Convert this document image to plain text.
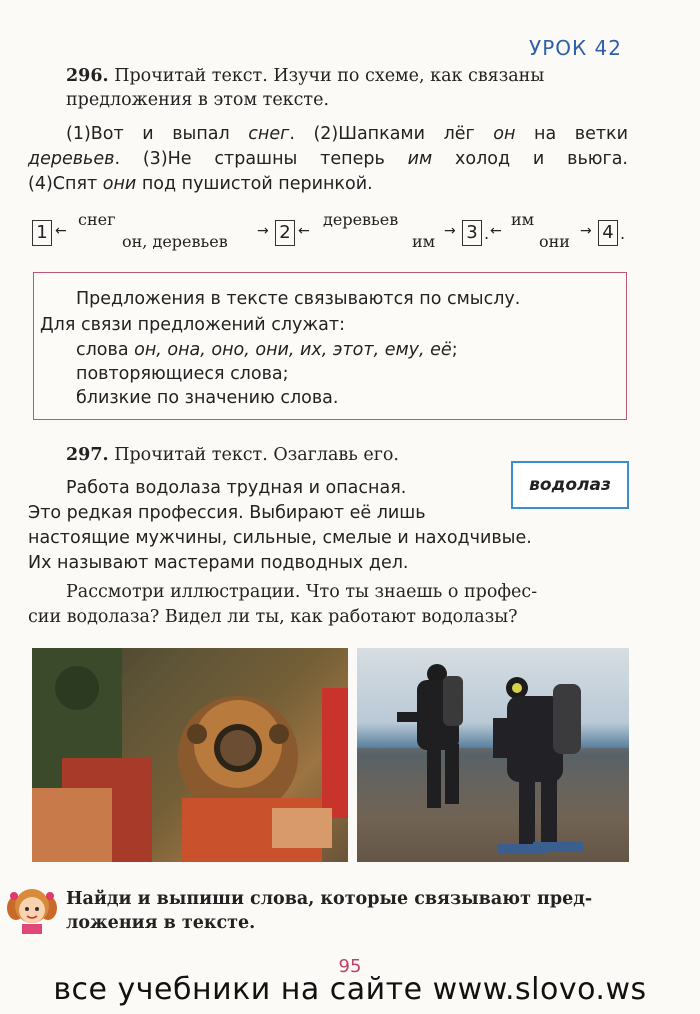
УРОК 42
296. Прочитай текст. Изучи по схеме, как связаны
предложения в этом тексте.
(1)Вот и выпал снег. (2)Шапками лёг он на ветки
деревьев. (3)Не страшны теперь им холод и вьюга.
(4)Спят они под пушистой перинкой.
1 ←
снег
он, деревьев
→ 2 ←
деревьев
им
→ 3 . ←
им
они
→ 4 .
Предложения в тексте связываются по смыслу.
Для связи предложений служат:
слова он, она, оно, они, их, этот, ему, её;
повторяющиеся слова;
близкие по значению слова.
297. Прочитай текст. Озаглавь его.
водолаз
Работа водолаза трудная и опасная.
Это редкая профессия. Выбирают её лишь
настоящие мужчины, сильные, смелые и находчивые.
Их называют мастерами подводных дел.
Рассмотри иллюстрации. Что ты знаешь о профес-
сии водолаза? Видел ли ты, как работают водолазы?
Найди и выпиши слова, которые связывают пред-
ложения в тексте.
95
все учебники на сайте www.slovo.ws
